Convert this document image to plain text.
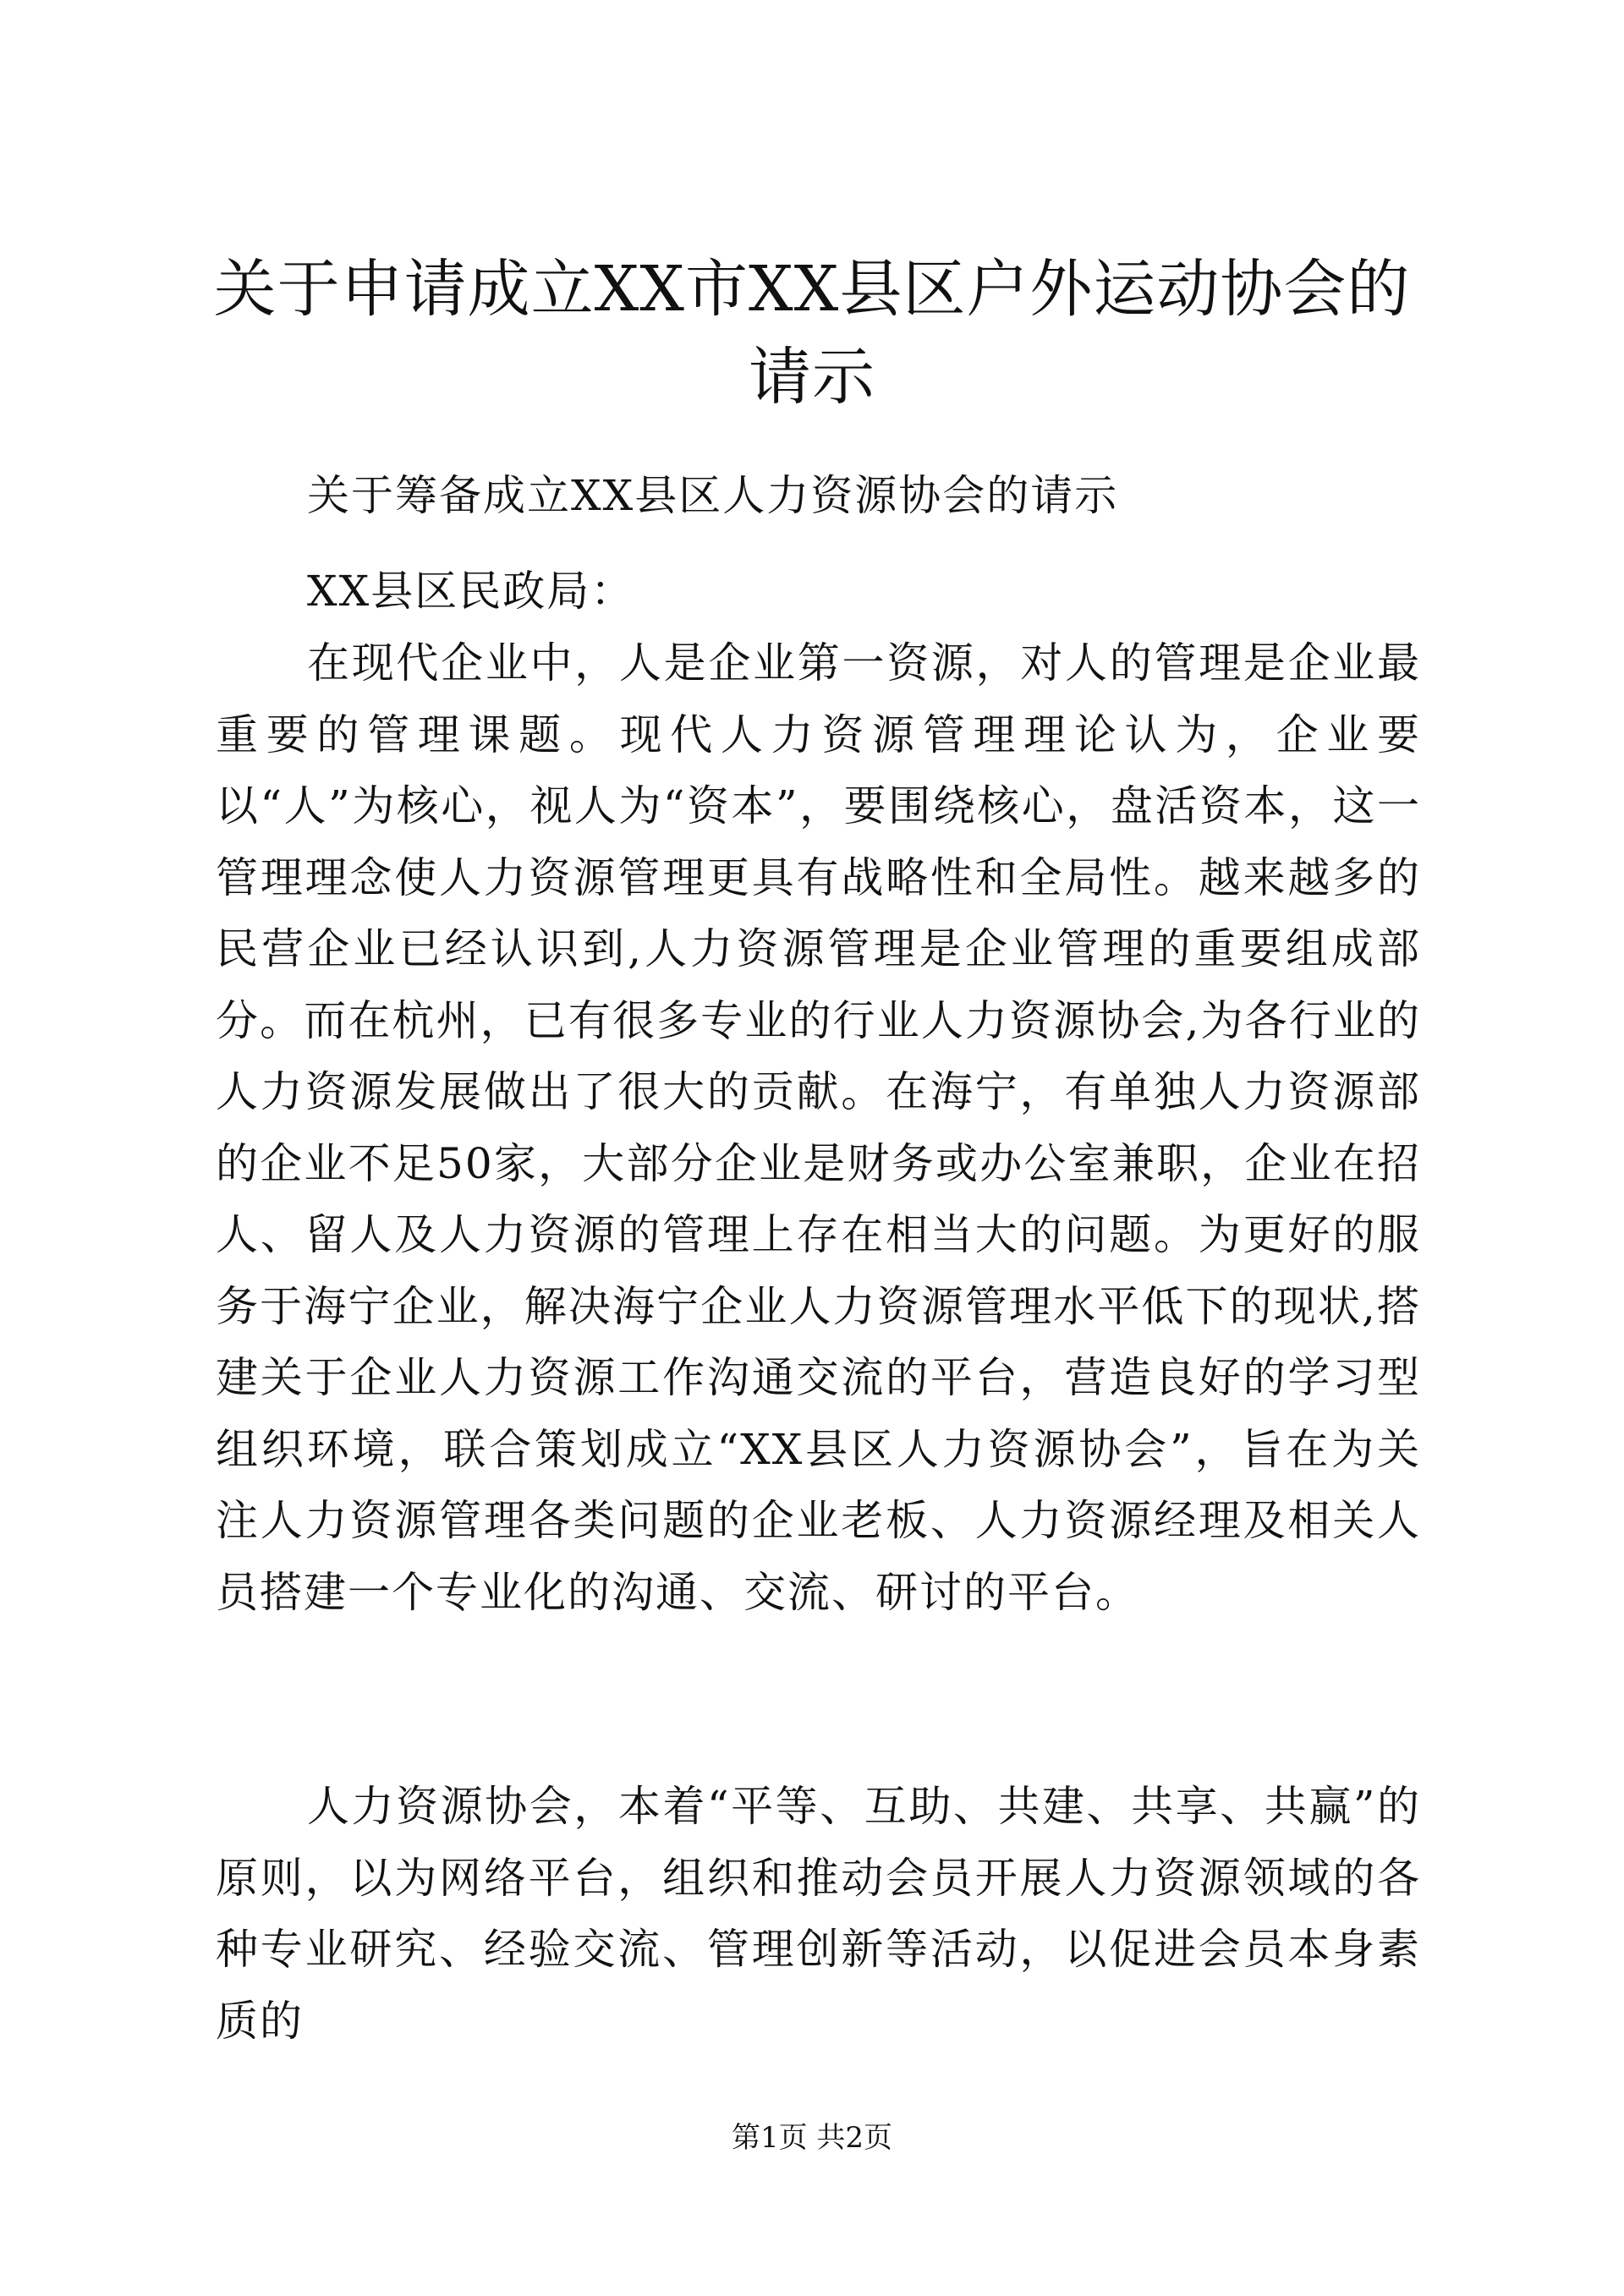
关于申请成立XX市XX县区户外运动协会的请示

关于筹备成立XX县区人力资源协会的请示

XX县区民政局：

在现代企业中，人是企业第一资源，对人的管理是企业最重要的管理课题。现代人力资源管理理论认为，企业要以“人”为核心，视人为“资本”，要围绕核心，盘活资本，这一管理理念使人力资源管理更具有战略性和全局性。越来越多的民营企业已经认识到,人力资源管理是企业管理的重要组成部分。而在杭州，已有很多专业的行业人力资源协会,为各行业的人力资源发展做出了很大的贡献。在海宁，有单独人力资源部的企业不足50家，大部分企业是财务或办公室兼职，企业在招人、留人及人力资源的管理上存在相当大的问题。为更好的服务于海宁企业，解决海宁企业人力资源管理水平低下的现状,搭建关于企业人力资源工作沟通交流的平台，营造良好的学习型组织环境，联合策划成立“XX县区人力资源协会”，旨在为关注人力资源管理各类问题的企业老板、人力资源经理及相关人员搭建一个专业化的沟通、交流、研讨的平台。

人力资源协会，本着“平等、互助、共建、共享、共赢”的原则，以为网络平台，组织和推动会员开展人力资源领域的各种专业研究、经验交流、管理创新等活动，以促进会员本身素质的

第1页 共2页
